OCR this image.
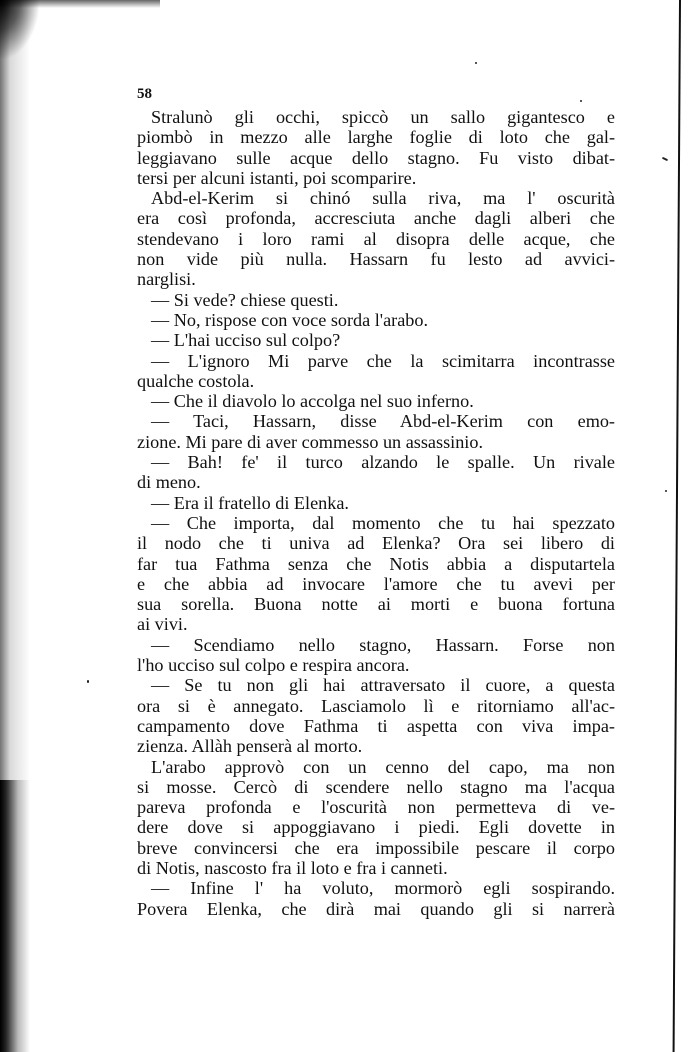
58
Stralunò gli occhi, spiccò un sallo gigantesco e
piombò in mezzo alle larghe foglie di loto che gal-
leggiavano sulle acque dello stagno. Fu visto dibat-
tersi per alcuni istanti, poi scomparire.
Abd-el-Kerim si chinó sulla riva, ma l' oscurità
era così profonda, accresciuta anche dagli alberi che
stendevano i loro rami al disopra delle acque, che
non vide più nulla. Hassarn fu lesto ad avvici-
narglisi.
— Si vede? chiese questi.
— No, rispose con voce sorda l'arabo.
— L'hai ucciso sul colpo?
— L'ignoro Mi parve che la scimitarra incontrasse
qualche costola.
— Che il diavolo lo accolga nel suo inferno.
— Taci, Hassarn, disse Abd-el-Kerim con emo-
zione. Mi pare di aver commesso un assassinio.
— Bah! fe' il turco alzando le spalle. Un rivale
di meno.
— Era il fratello di Elenka.
— Che importa, dal momento che tu hai spezzato
il nodo che ti univa ad Elenka? Ora sei libero di
far tua Fathma senza che Notis abbia a disputartela
e che abbia ad invocare l'amore che tu avevi per
sua sorella. Buona notte ai morti e buona fortuna
ai vivi.
— Scendiamo nello stagno, Hassarn. Forse non
l'ho ucciso sul colpo e respira ancora.
— Se tu non gli hai attraversato il cuore, a questa
ora si è annegato. Lasciamolo lì e ritorniamo all'ac-
campamento dove Fathma ti aspetta con viva impa-
zienza. Allàh penserà al morto.
L'arabo approvò con un cenno del capo, ma non
si mosse. Cercò di scendere nello stagno ma l'acqua
pareva profonda e l'oscurità non permetteva di ve-
dere dove si appoggiavano i piedi. Egli dovette in
breve convincersi che era impossibile pescare il corpo
di Notis, nascosto fra il loto e fra i canneti.
— Infine l' ha voluto, mormorò egli sospirando.
Povera Elenka, che dirà mai quando gli si narrerà
